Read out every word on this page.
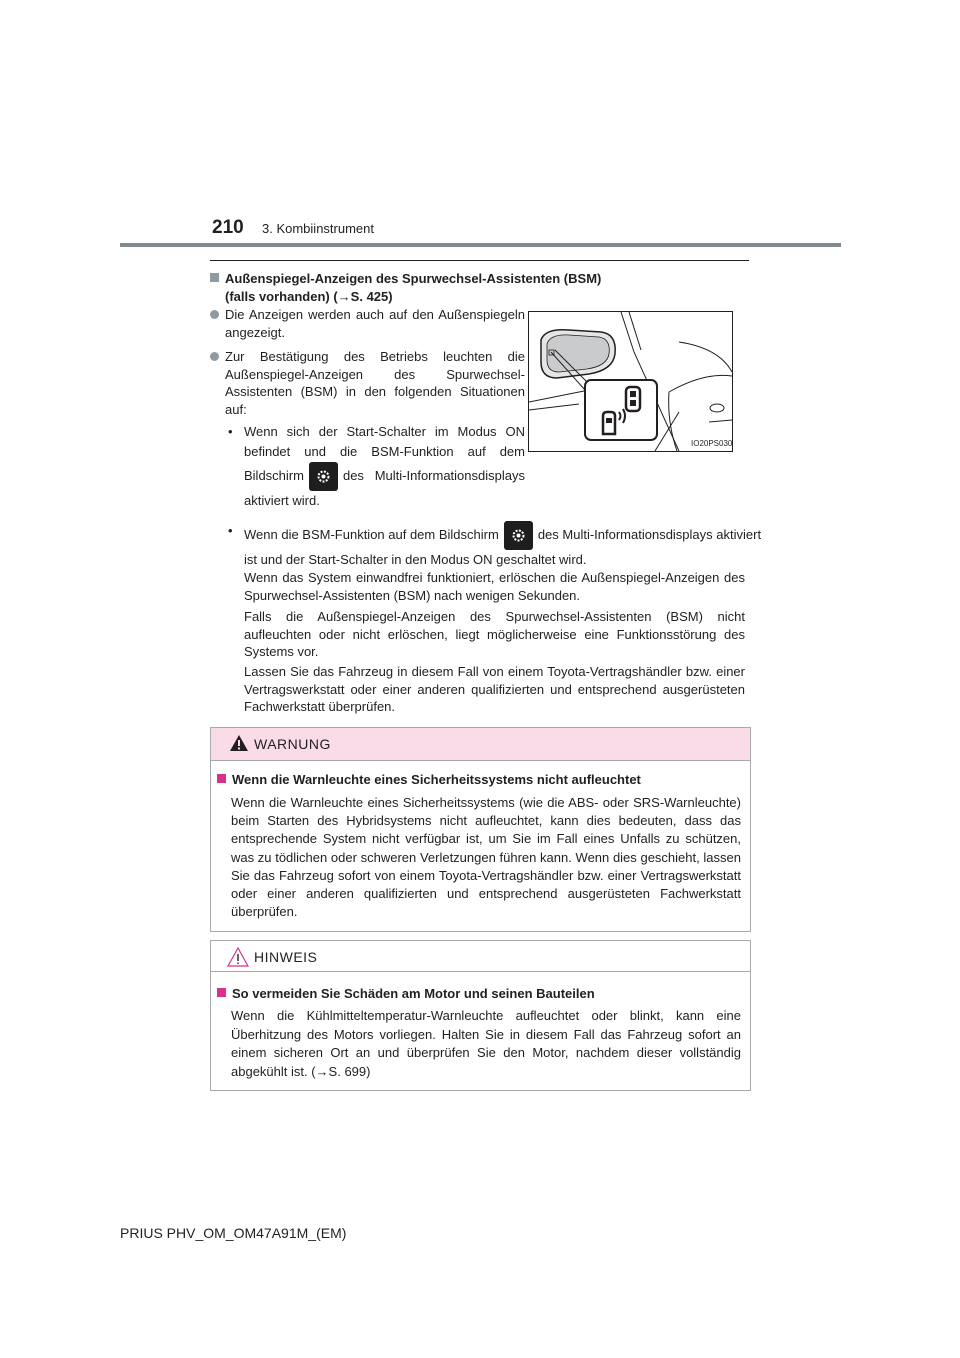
210 3. Kombiinstrument
Außenspiegel-Anzeigen des Spurwechsel-Assistenten (BSM)
(falls vorhanden) (→S. 425)
Die Anzeigen werden auch auf den Außenspiegeln angezeigt.
Zur Bestätigung des Betriebs leuchten die Außenspiegel-Anzeigen des Spurwechsel-Assistenten (BSM) in den folgenden Situationen auf:
• Wenn sich der Start-Schalter im Modus ON befindet und die BSM-Funktion auf dem Bildschirm	des Multi-Informationsdisplays aktiviert wird.
• Wenn die BSM-Funktion auf dem Bildschirm	des Multi-Informationsdisplays aktiviert ist und der Start-Schalter in den Modus ON geschaltet wird.
Wenn das System einwandfrei funktioniert, erlöschen die Außenspiegel-Anzeigen des Spurwechsel-Assistenten (BSM) nach wenigen Sekunden.
Falls die Außenspiegel-Anzeigen des Spurwechsel-Assistenten (BSM) nicht aufleuchten oder nicht erlöschen, liegt möglicherweise eine Funktionsstörung des Systems vor.
Lassen Sie das Fahrzeug in diesem Fall von einem Toyota-Vertragshändler bzw. einer Vertragswerkstatt oder einer anderen qualifizierten und entsprechend ausgerüsteten Fachwerkstatt überprüfen.
IO20PS030
WARNUNG
Wenn die Warnleuchte eines Sicherheitssystems nicht aufleuchtet
Wenn die Warnleuchte eines Sicherheitssystems (wie die ABS- oder SRS-Warnleuchte) beim Starten des Hybridsystems nicht aufleuchtet, kann dies bedeuten, dass das entsprechende System nicht verfügbar ist, um Sie im Fall eines Unfalls zu schützen, was zu tödlichen oder schweren Verletzungen führen kann. Wenn dies geschieht, lassen Sie das Fahrzeug sofort von einem Toyota-Vertragshändler bzw. einer Vertragswerkstatt oder einer anderen qualifizierten und entsprechend ausgerüsteten Fachwerkstatt überprüfen.
HINWEIS
So vermeiden Sie Schäden am Motor und seinen Bauteilen
Wenn die Kühlmitteltemperatur-Warnleuchte aufleuchtet oder blinkt, kann eine Überhitzung des Motors vorliegen. Halten Sie in diesem Fall das Fahrzeug sofort an einem sicheren Ort an und überprüfen Sie den Motor, nachdem dieser vollständig abgekühlt ist. (→S. 699)
PRIUS PHV_OM_OM47A91M_(EM)
